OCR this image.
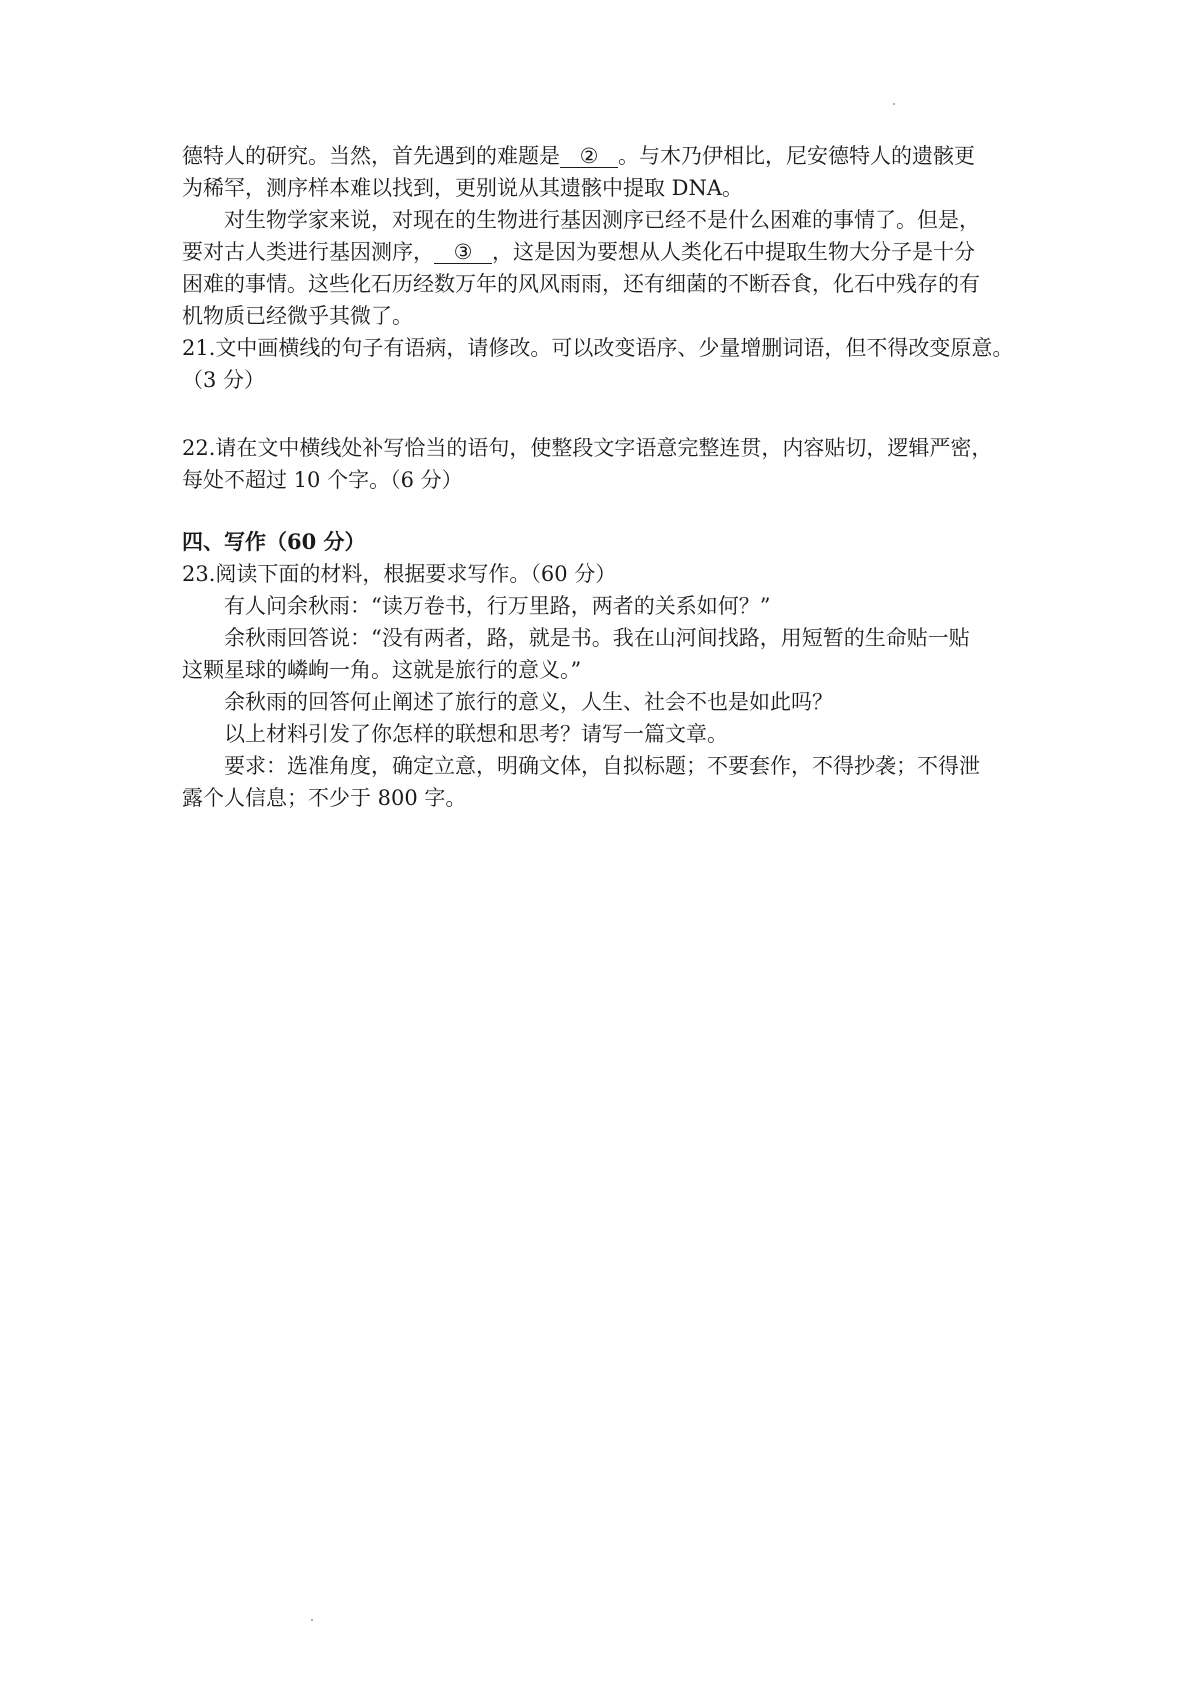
德特人的研究。当然，首先遇到的难题是 ② 。与木乃伊相比，尼安德特人的遗骸更

为稀罕，测序样本难以找到，更别说从其遗骸中提取 DNA。

对生物学家来说，对现在的生物进行基因测序已经不是什么困难的事情了。但是，

要对古人类进行基因测序， ③ ，这是因为要想从人类化石中提取生物大分子是十分

困难的事情。这些化石历经数万年的风风雨雨，还有细菌的不断吞食，化石中残存的有

机物质已经微乎其微了。

21.文中画横线的句子有语病，请修改。可以改变语序、少量增删词语，但不得改变原意。

（3 分）

22.请在文中横线处补写恰当的语句，使整段文字语意完整连贯，内容贴切，逻辑严密，

每处不超过 10 个字。（6 分）

四、写作（60 分）

23.阅读下面的材料，根据要求写作。（60 分）

有人问余秋雨：“读万卷书，行万里路，两者的关系如何？”

余秋雨回答说：“没有两者，路，就是书。我在山河间找路，用短暂的生命贴一贴

这颗星球的嶙峋一角。这就是旅行的意义。”

余秋雨的回答何止阐述了旅行的意义，人生、社会不也是如此吗？

以上材料引发了你怎样的联想和思考？请写一篇文章。

要求：选准角度，确定立意，明确文体，自拟标题；不要套作，不得抄袭；不得泄

露个人信息；不少于 800 字。
